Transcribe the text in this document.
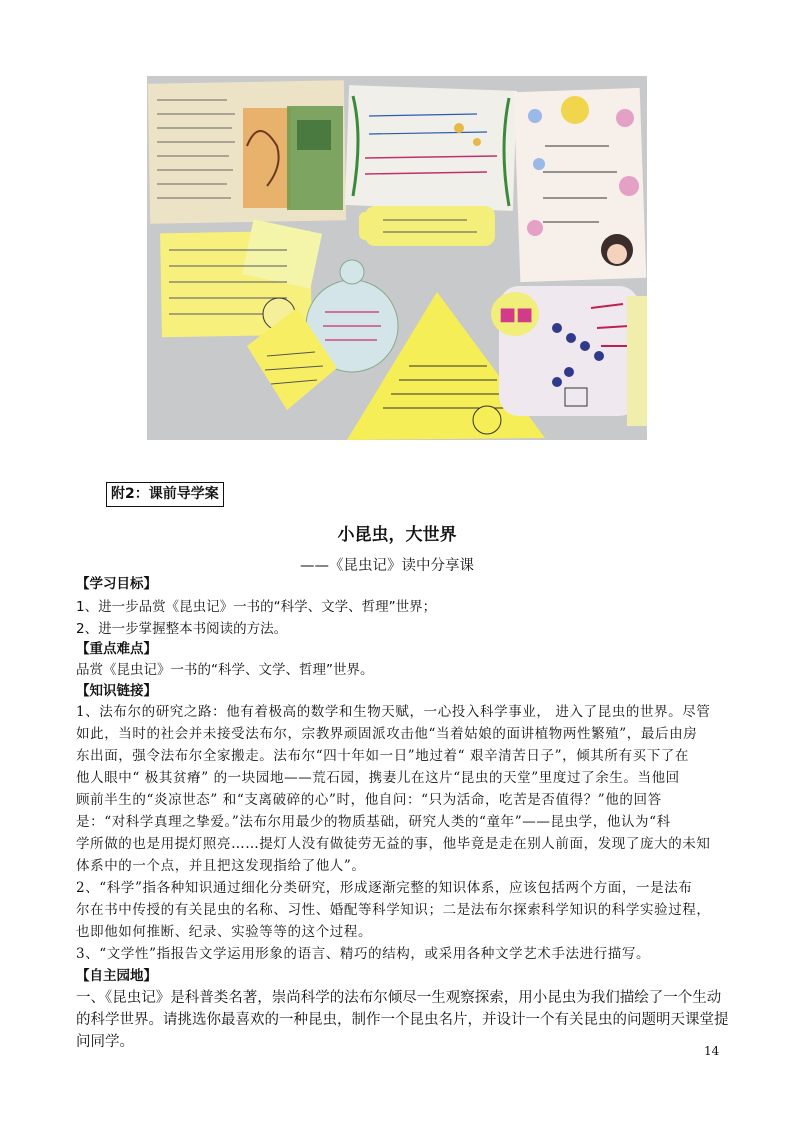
■■
附2：课前导学案
小昆虫，大世界
——《昆虫记》读中分享课
【学习目标】
1、进一步品赏《昆虫记》一书的“科学、文学、哲理”世界；
2、进一步掌握整本书阅读的方法。
【重点难点】
品赏《昆虫记》一书的“科学、文学、哲理”世界。
【知识链接】
1、法布尔的研究之路：他有着极高的数学和生物天赋，一心投入科学事业， 进入了昆虫的世界。尽管
如此，当时的社会并未接受法布尔，宗教界顽固派攻击他“当着姑娘的面讲植物两性繁殖”，最后由房
东出面，强令法布尔全家搬走。法布尔“四十年如一日”地过着“ 艰辛清苦日子”，倾其所有买下了在
他人眼中“ 极其贫瘠” 的一块园地——荒石园，携妻儿在这片“昆虫的天堂”里度过了余生。当他回
顾前半生的“炎凉世态” 和“支离破碎的心”时，他自问：“只为活命，吃苦是否值得？”他的回答
是：“对科学真理之挚爱。”法布尔用最少的物质基础，研究人类的“童年”——昆虫学，他认为“科
学所做的也是用提灯照亮……提灯人没有做徒劳无益的事，他毕竟是走在别人前面，发现了庞大的未知
体系中的一个点，并且把这发现指给了他人”。
2、“科学”指各种知识通过细化分类研究，形成逐渐完整的知识体系，应该包括两个方面，一是法布
尔在书中传授的有关昆虫的名称、习性、婚配等科学知识；二是法布尔探索科学知识的科学实验过程，
也即他如何推断、纪录、实验等等的这个过程。
3、“文学性”指报告文学运用形象的语言、精巧的结构，或采用各种文学艺术手法进行描写。
【自主园地】
一、《昆虫记》是科普类名著，崇尚科学的法布尔倾尽一生观察探索，用小昆虫为我们描绘了一个生动
的科学世界。请挑选你最喜欢的一种昆虫，制作一个昆虫名片，并设计一个有关昆虫的问题明天课堂提
问同学。
14
